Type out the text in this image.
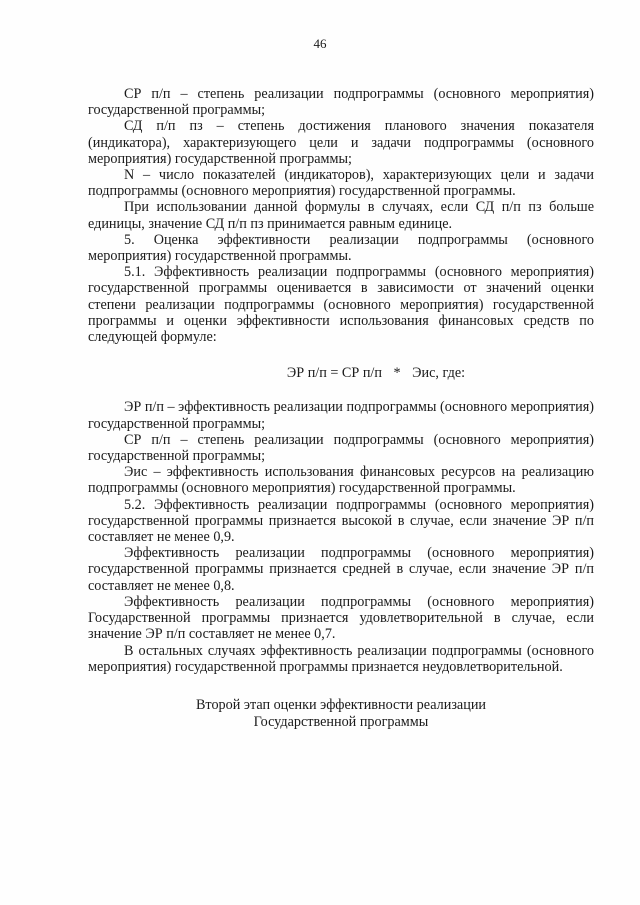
46

СР п/п – степень реализации подпрограммы (основного мероприятия) государственной программы;

СД п/п пз – степень достижения планового значения показателя (индикатора), характеризующего цели и задачи подпрограммы (основного мероприятия) государственной программы;

N – число показателей (индикаторов), характеризующих цели и задачи подпрограммы (основного мероприятия) государственной программы.

При использовании данной формулы в случаях, если СД п/п пз больше единицы, значение СД п/п пз принимается равным единице.

5. Оценка эффективности реализации подпрограммы (основного мероприятия) государственной программы.

5.1. Эффективность реализации подпрограммы (основного мероприятия) государственной программы оценивается в зависимости от значений оценки степени реализации подпрограммы (основного мероприятия) государственной программы и оценки эффективности использования финансовых средств по следующей формуле:

ЭР п/п = СР п/п * Эис, где:

ЭР п/п – эффективность реализации подпрограммы (основного мероприятия) государственной программы;

СР п/п – степень реализации подпрограммы (основного мероприятия) государственной программы;

Эис – эффективность использования финансовых ресурсов на реализацию подпрограммы (основного мероприятия) государственной программы.

5.2. Эффективность реализации подпрограммы (основного мероприятия) государственной программы признается высокой в случае, если значение ЭР п/п составляет не менее 0,9.

Эффективность реализации подпрограммы (основного мероприятия) государственной программы признается средней в случае, если значение ЭР п/п составляет не менее 0,8.

Эффективность реализации подпрограммы (основного мероприятия) Государственной программы признается удовлетворительной в случае, если значение ЭР п/п составляет не менее 0,7.

В остальных случаях эффективность реализации подпрограммы (основного мероприятия) государственной программы признается неудовлетворительной.

Второй этап оценки эффективности реализации
Государственной программы
